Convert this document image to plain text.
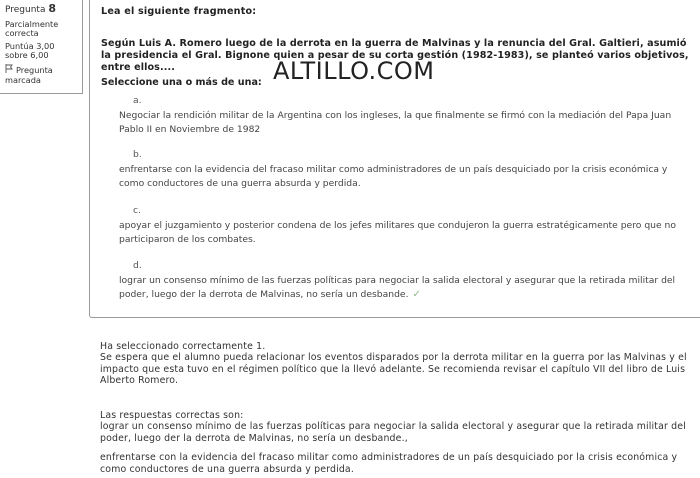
Pregunta 8
Parcialmente correcta
Puntúa 3,00 sobre 6,00
Pregunta marcada
Lea el siguiente fragmento:
Según Luis A. Romero luego de la derrota en la guerra de Malvinas y la renuncia del Gral. Galtieri, asumió la presidencia el Gral. Bignone quien a pesar de su corta gestión (1982-1983), se planteó varios objetivos, entre ellos....	ALTILLO.COM
Seleccione una o más de una:
a.
Negociar la rendición militar de la Argentina con los ingleses, la que finalmente se firmó con la mediación del Papa Juan Pablo II en Noviembre de 1982
b.
enfrentarse con la evidencia del fracaso militar como administradores de un país desquiciado por la crisis económica y como conductores de una guerra absurda y perdida.
c.
apoyar el juzgamiento y posterior condena de los jefes militares que condujeron la guerra estratégicamente pero que no participaron de los combates.
d.
lograr un consenso mínimo de las fuerzas políticas para negociar la salida electoral y asegurar que la retirada militar del poder, luego der la derrota de Malvinas, no sería un desbande. ✓

Ha seleccionado correctamente 1.

Se espera que el alumno pueda relacionar los eventos disparados por la derrota militar en la guerra por las Malvinas y el impacto que esta tuvo en el régimen político que la llevó adelante. Se recomienda revisar el capítulo VII del libro de Luis Alberto Romero.

Las respuestas correctas son:

lograr un consenso mínimo de las fuerzas políticas para negociar la salida electoral y asegurar que la retirada militar del poder, luego der la derrota de Malvinas, no sería un desbande.,

enfrentarse con la evidencia del fracaso militar como administradores de un país desquiciado por la crisis económica y como conductores de una guerra absurda y perdida.
